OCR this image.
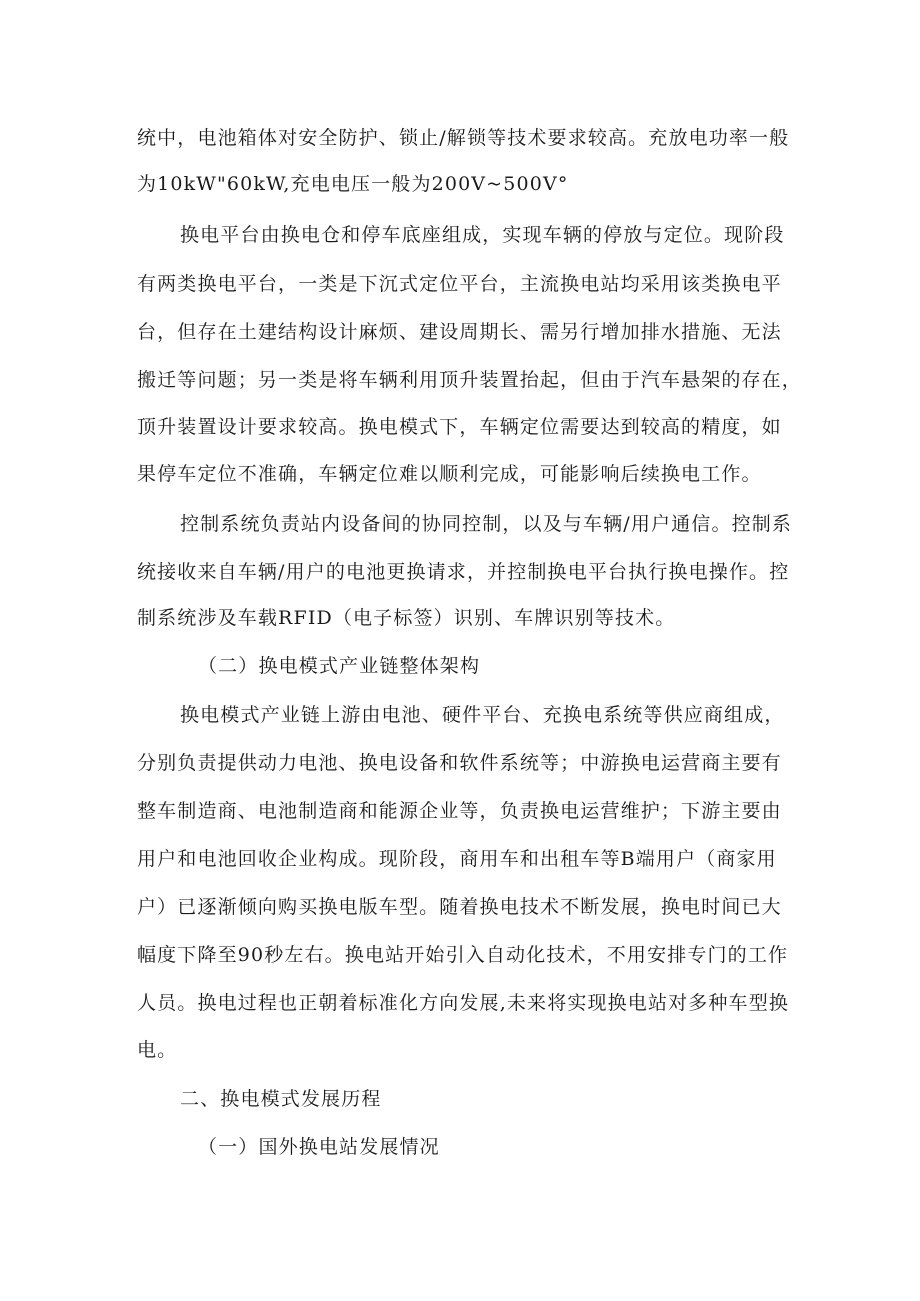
统中，电池箱体对安全防护、锁止/解锁等技术要求较高。充放电功率一般
为10kW"60kW,充电电压一般为200V~500V°
换电平台由换电仓和停车底座组成，实现车辆的停放与定位。现阶段
有两类换电平台，一类是下沉式定位平台，主流换电站均采用该类换电平
台，但存在土建结构设计麻烦、建设周期长、需另行增加排水措施、无法
搬迁等问题；另一类是将车辆利用顶升装置抬起，但由于汽车悬架的存在，
顶升装置设计要求较高。换电模式下，车辆定位需要达到较高的精度，如
果停车定位不准确，车辆定位难以顺利完成，可能影响后续换电工作。
控制系统负责站内设备间的协同控制，以及与车辆/用户通信。控制系
统接收来自车辆/用户的电池更换请求，并控制换电平台执行换电操作。控
制系统涉及车载RFID（电子标签）识别、车牌识别等技术。
（二）换电模式产业链整体架构
换电模式产业链上游由电池、硬件平台、充换电系统等供应商组成，
分别负责提供动力电池、换电设备和软件系统等；中游换电运营商主要有
整车制造商、电池制造商和能源企业等，负责换电运营维护；下游主要由
用户和电池回收企业构成。现阶段，商用车和出租车等B端用户（商家用
户）已逐渐倾向购买换电版车型。随着换电技术不断发展，换电时间已大
幅度下降至90秒左右。换电站开始引入自动化技术，不用安排专门的工作
人员。换电过程也正朝着标准化方向发展,未来将实现换电站对多种车型换
电。
二、换电模式发展历程
（一）国外换电站发展情况
